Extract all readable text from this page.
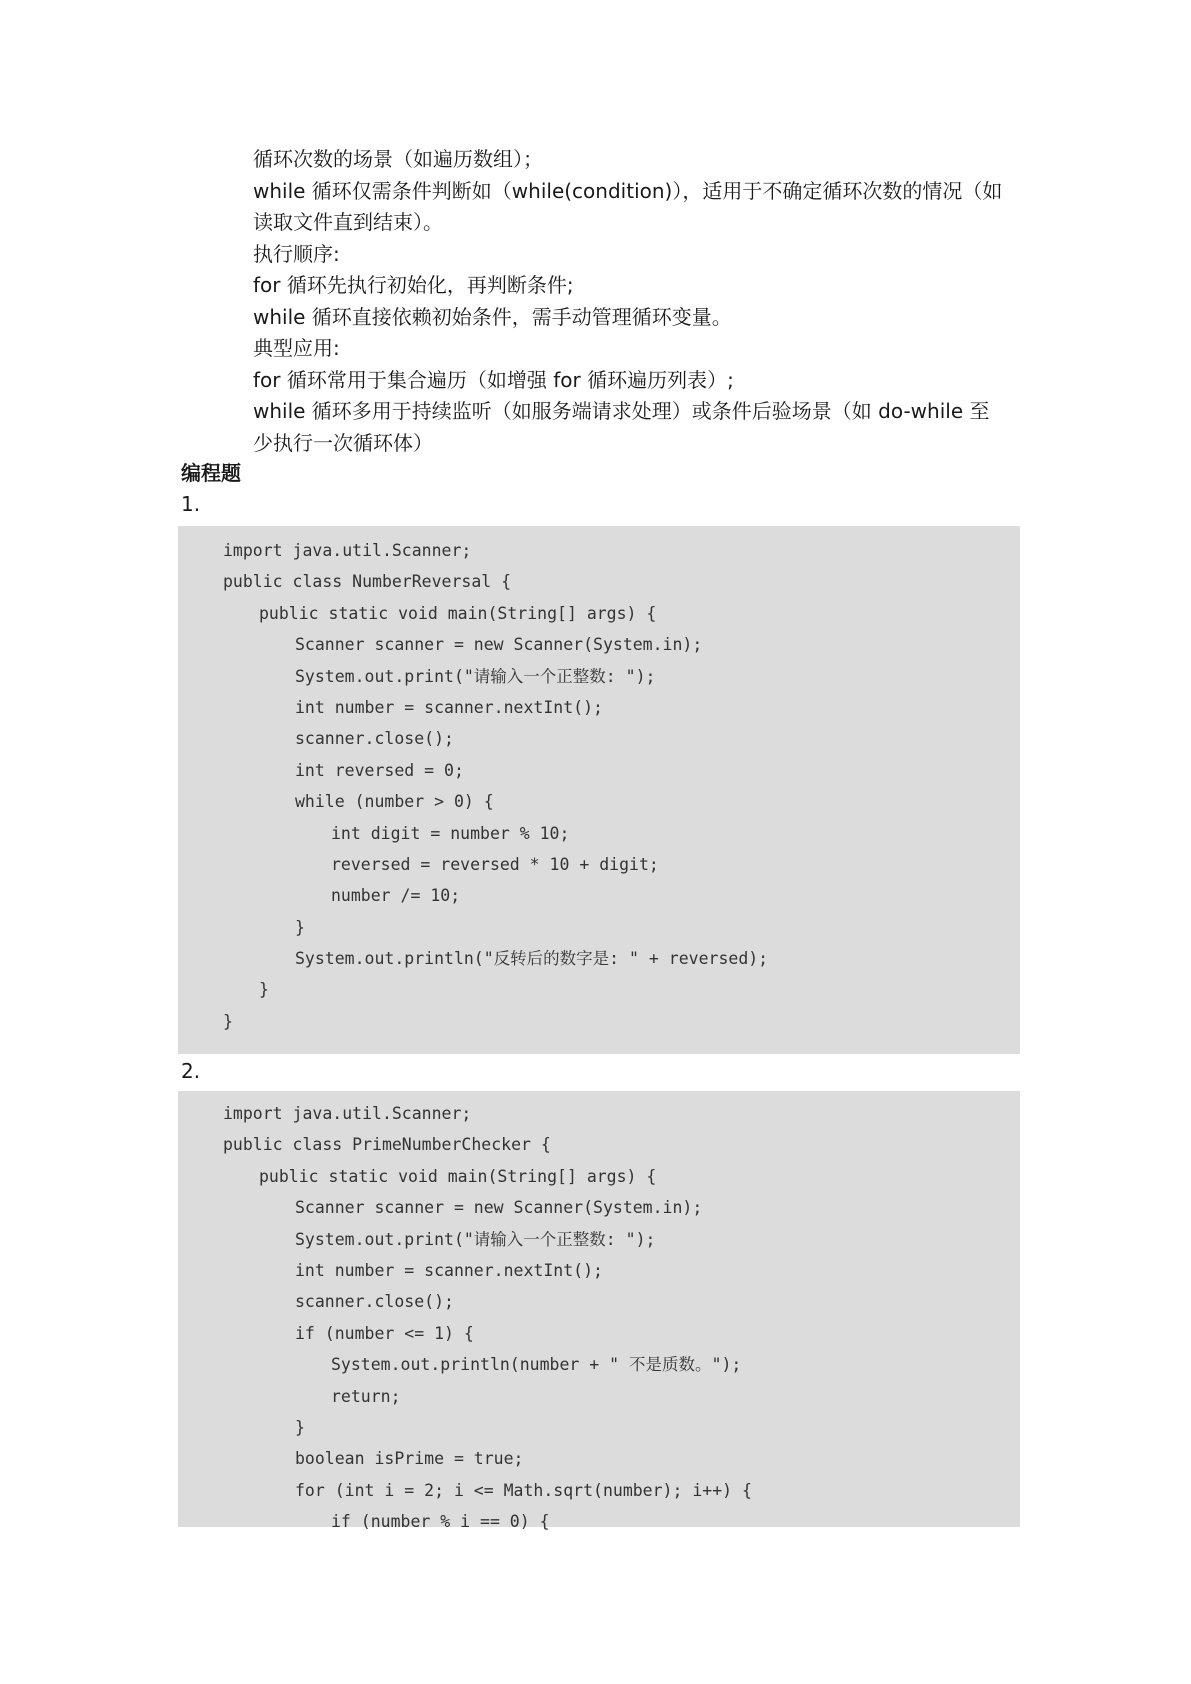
循环次数的场景（如遍历数组）；
while 循环仅需条件判断如（while(condition)），适用于不确定循环次数的情况（如
读取文件直到结束）。
执行顺序:
for 循环先执行初始化，再判断条件;
while 循环直接依赖初始条件，需手动管理循环变量。
典型应用:
for 循环常用于集合遍历（如增强 for 循环遍历列表）;
while 循环多用于持续监听（如服务端请求处理）或条件后验场景（如 do-while 至
少执行一次循环体）
编程题
1.
import java.util.Scanner;
public class NumberReversal {
public static void main(String[] args) {
Scanner scanner = new Scanner(System.in);
System.out.print("请输入一个正整数: ");
int number = scanner.nextInt();
scanner.close();
int reversed = 0;
while (number > 0) {
int digit = number % 10;
reversed = reversed * 10 + digit;
number /= 10;
}
System.out.println("反转后的数字是: " + reversed);
}
}
2.
import java.util.Scanner;
public class PrimeNumberChecker {
public static void main(String[] args) {
Scanner scanner = new Scanner(System.in);
System.out.print("请输入一个正整数: ");
int number = scanner.nextInt();
scanner.close();
if (number <= 1) {
System.out.println(number + " 不是质数。");
return;
}
boolean isPrime = true;
for (int i = 2; i <= Math.sqrt(number); i++) {
if (number % i == 0) {
